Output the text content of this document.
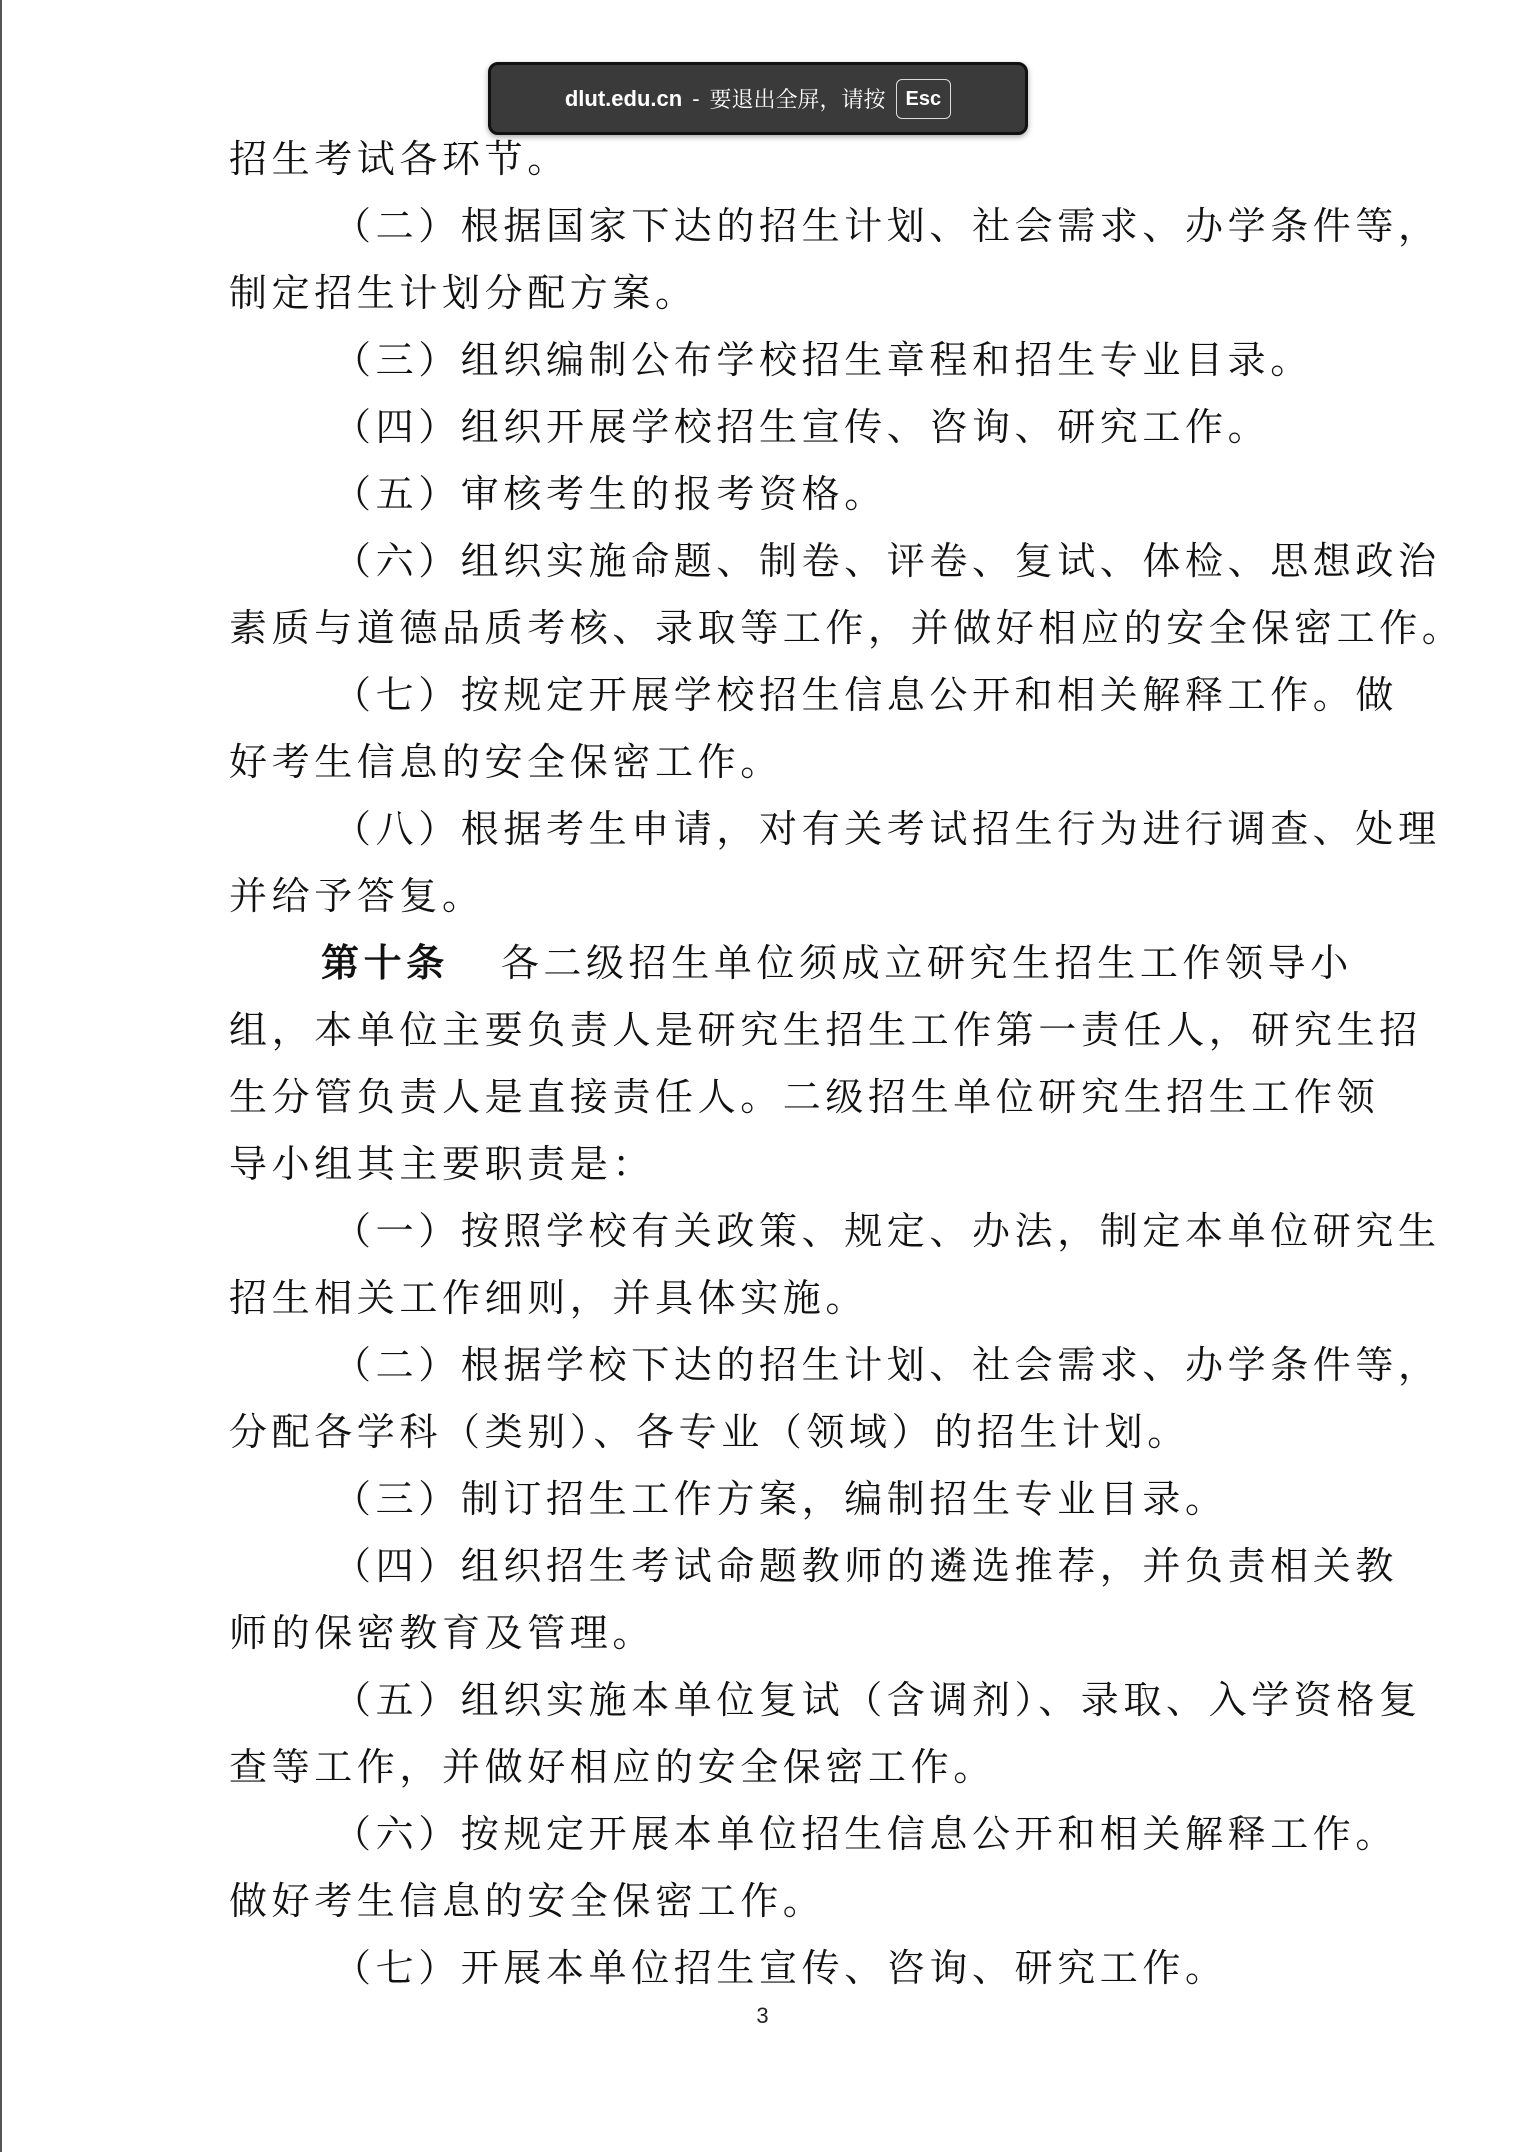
招生考试各环节。
（二）根据国家下达的招生计划、社会需求、办学条件等，
制定招生计划分配方案。
（三）组织编制公布学校招生章程和招生专业目录。
（四）组织开展学校招生宣传、咨询、研究工作。
（五）审核考生的报考资格。
（六）组织实施命题、制卷、评卷、复试、体检、思想政治
素质与道德品质考核、录取等工作，并做好相应的安全保密工作。
（七）按规定开展学校招生信息公开和相关解释工作。做
好考生信息的安全保密工作。
（八）根据考生申请，对有关考试招生行为进行调查、处理
并给予答复。
第十条 各二级招生单位须成立研究生招生工作领导小
组，本单位主要负责人是研究生招生工作第一责任人，研究生招
生分管负责人是直接责任人。二级招生单位研究生招生工作领
导小组其主要职责是：
（一）按照学校有关政策、规定、办法，制定本单位研究生
招生相关工作细则，并具体实施。
（二）根据学校下达的招生计划、社会需求、办学条件等，
分配各学科（类别）、各专业（领域）的招生计划。
（三）制订招生工作方案，编制招生专业目录。
（四）组织招生考试命题教师的遴选推荐，并负责相关教
师的保密教育及管理。
（五）组织实施本单位复试（含调剂）、录取、入学资格复
查等工作，并做好相应的安全保密工作。
（六）按规定开展本单位招生信息公开和相关解释工作。
做好考生信息的安全保密工作。
（七）开展本单位招生宣传、咨询、研究工作。
3
dlut.edu.cn - 要退出全屏，请按	Esc
